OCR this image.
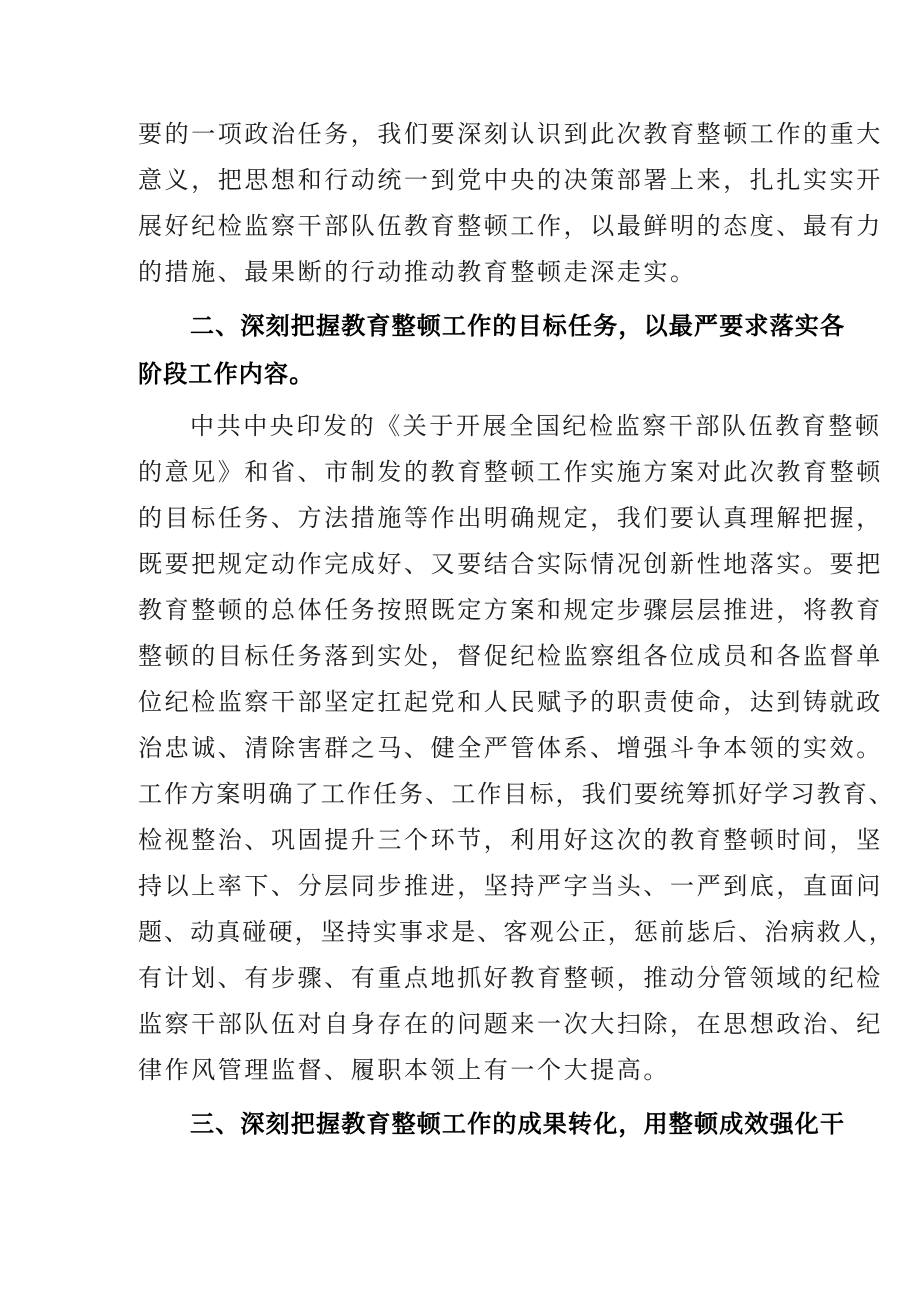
要的一项政治任务，我们要深刻认识到此次教育整顿工作的重大
意义，把思想和行动统一到党中央的决策部署上来，扎扎实实开
展好纪检监察干部队伍教育整顿工作，以最鲜明的态度、最有力
的措施、最果断的行动推动教育整顿走深走实。
二、深刻把握教育整顿工作的目标任务，以最严要求落实各
阶段工作内容。
中共中央印发的《关于开展全国纪检监察干部队伍教育整顿
的意见》和省、市制发的教育整顿工作实施方案对此次教育整顿
的目标任务、方法措施等作出明确规定，我们要认真理解把握，
既要把规定动作完成好、又要结合实际情况创新性地落实。要把
教育整顿的总体任务按照既定方案和规定步骤层层推进，将教育
整顿的目标任务落到实处，督促纪检监察组各位成员和各监督单
位纪检监察干部坚定扛起党和人民赋予的职责使命，达到铸就政
治忠诚、清除害群之马、健全严管体系、增强斗争本领的实效。
工作方案明确了工作任务、工作目标，我们要统筹抓好学习教育、
检视整治、巩固提升三个环节，利用好这次的教育整顿时间，坚
持以上率下、分层同步推进，坚持严字当头、一严到底，直面问
题、动真碰硬，坚持实事求是、客观公正，惩前毖后、治病救人，
有计划、有步骤、有重点地抓好教育整顿，推动分管领域的纪检
监察干部队伍对自身存在的问题来一次大扫除，在思想政治、纪
律作风管理监督、履职本领上有一个大提高。
三、深刻把握教育整顿工作的成果转化，用整顿成效强化干
